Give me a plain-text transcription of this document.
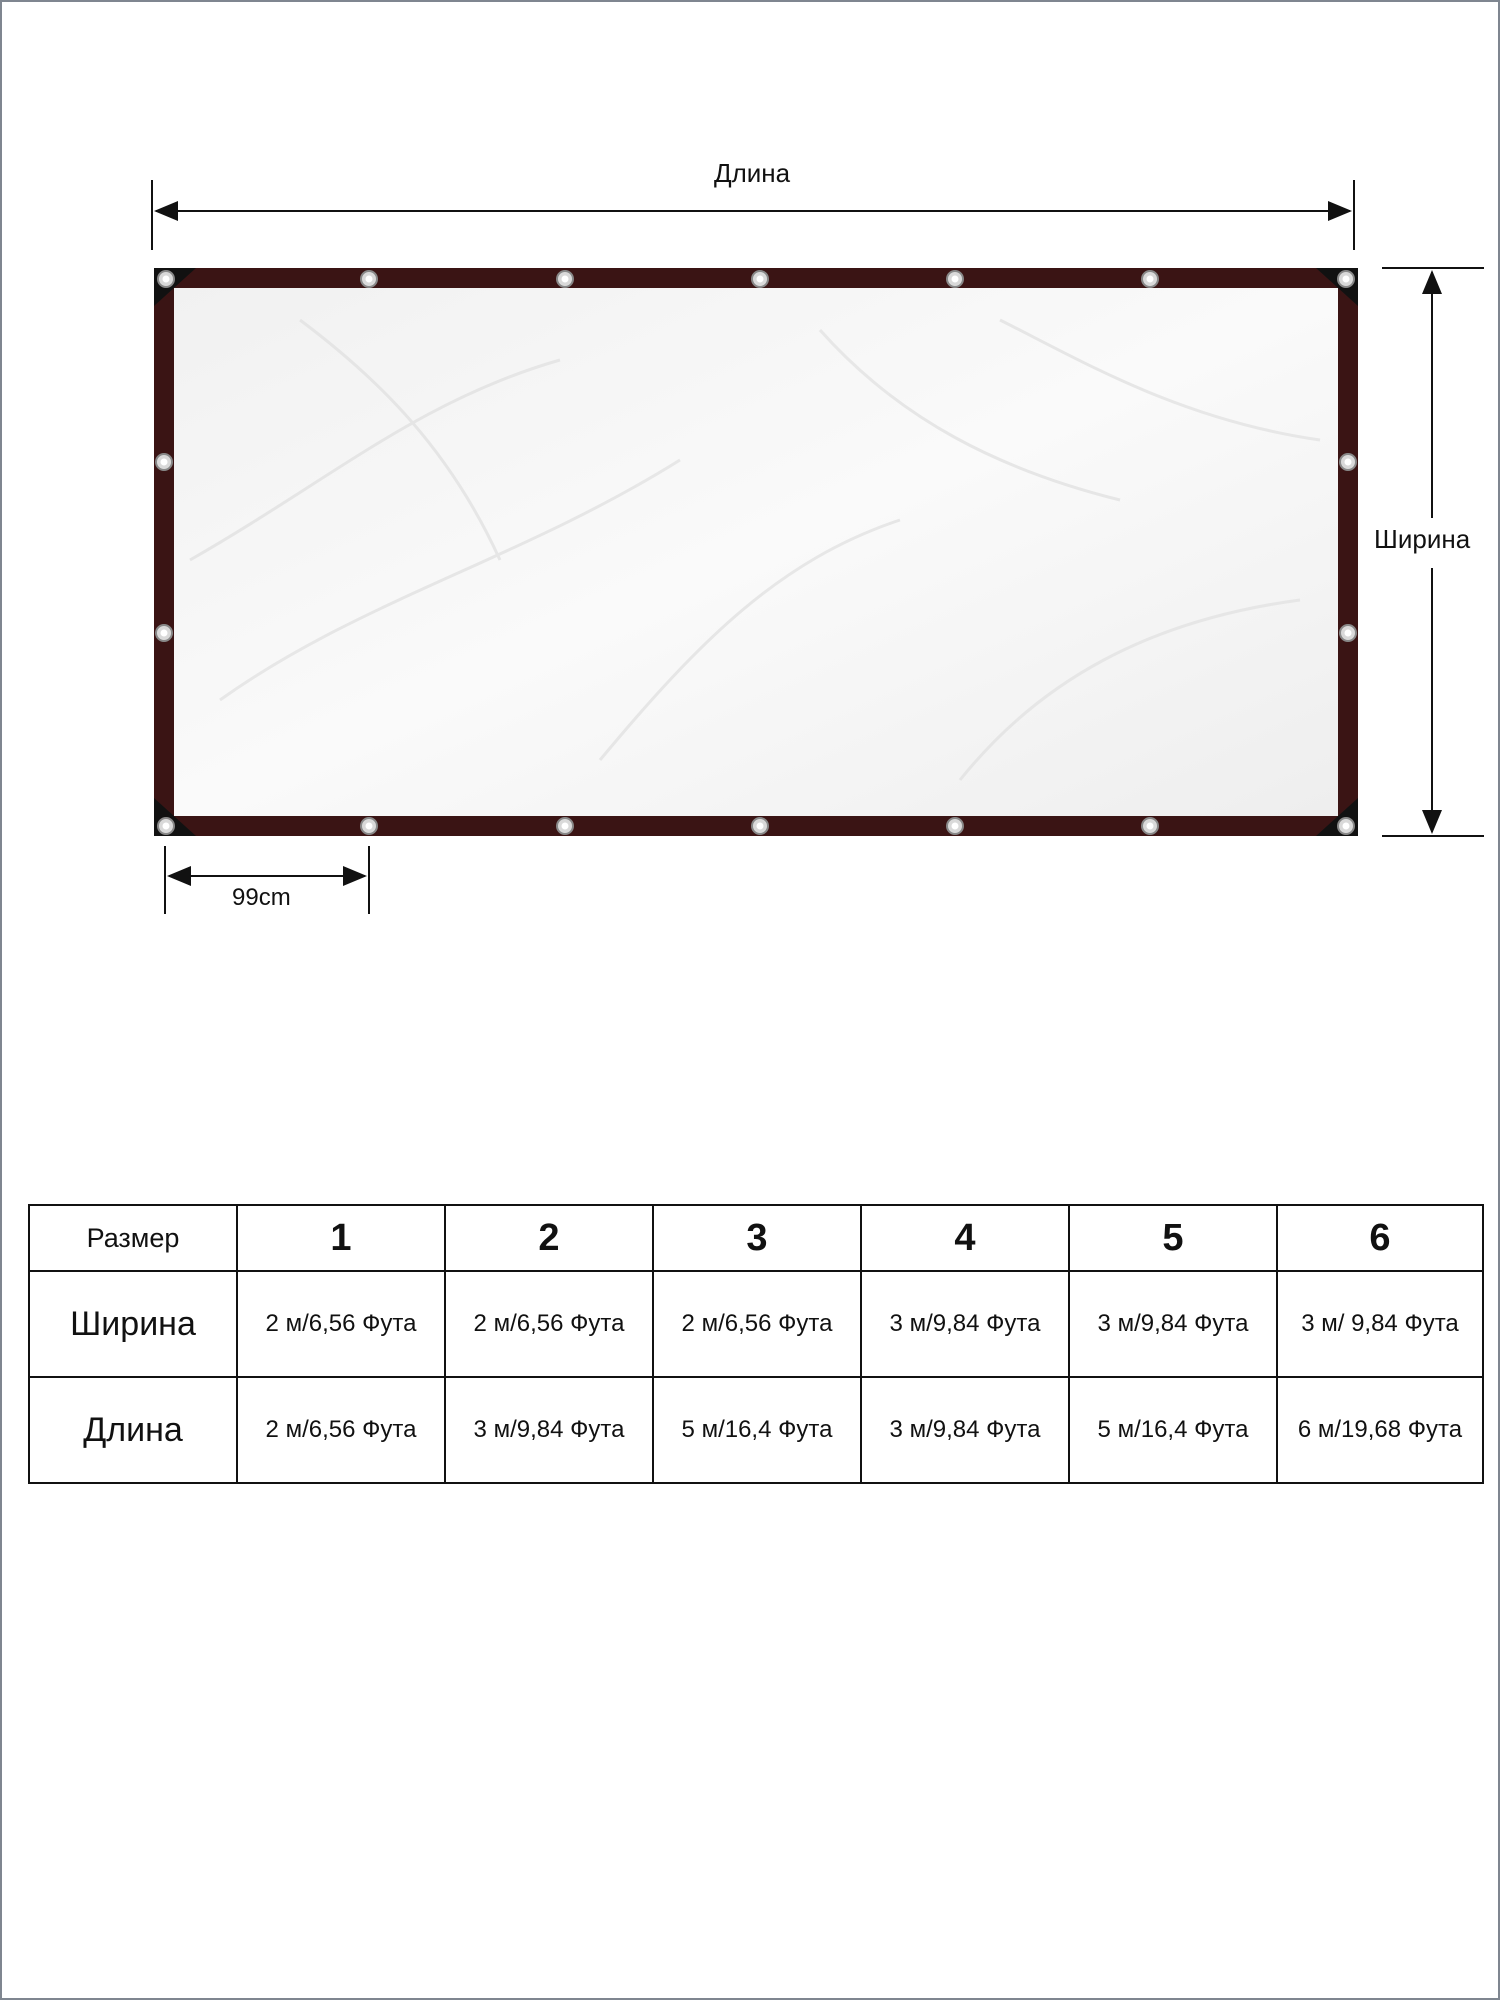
Длина
Ширина
99cm
Размер	1	2	3	4	5	6
Ширина	2 м/6,56 Фута	2 м/6,56 Фута	2 м/6,56 Фута	3 м/9,84 Фута	3 м/9,84 Фута	3 м/ 9,84 Фута
Длина	2 м/6,56 Фута	3 м/9,84 Фута	5 м/16,4 Фута	3 м/9,84 Фута	5 м/16,4 Фута	6 м/19,68 Фута
